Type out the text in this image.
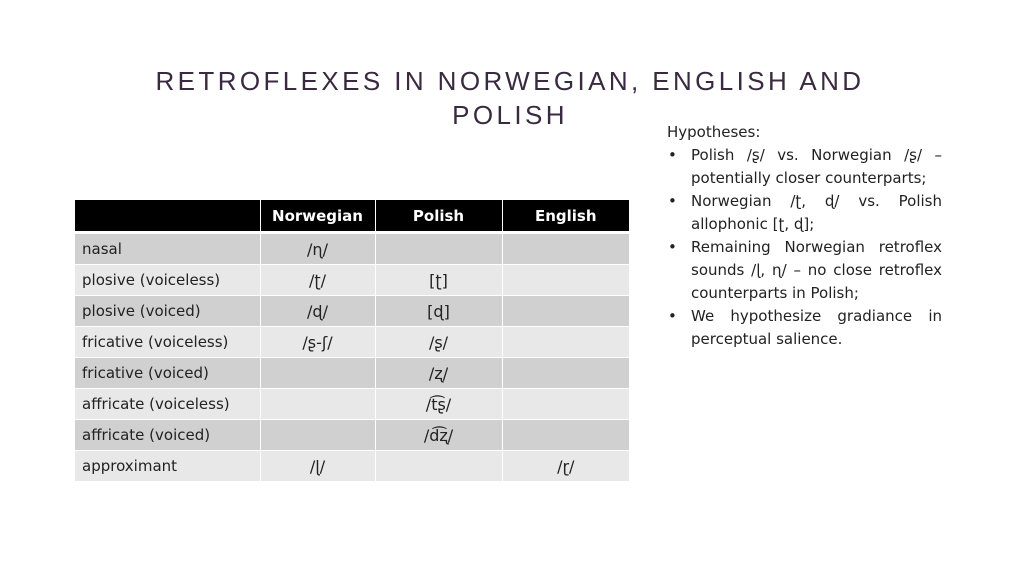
RETROFLEXES IN NORWEGIAN, ENGLISH AND POLISH
	Norwegian	Polish	English
nasal	/ɳ/		
plosive (voiceless)	/ʈ/	[ʈ]	
plosive (voiced)	/ɖ/	[ɖ]	
fricative (voiceless)	/ʂ-ʃ/	/ʂ/	
fricative (voiced)		/ʐ/	
affricate (voiceless)		/t͡ʂ/	
affricate (voiced)		/d͡ʐ/	
approximant	/ɭ/		/ɽ/

Hypotheses:

• Polish /ʂ/ vs. Norwegian /ʂ/ – potentially closer counterparts;
• Norwegian /ʈ, ɖ/ vs. Polish allophonic [ʈ, ɖ];
• Remaining Norwegian retroflex sounds /ɭ, ɳ/ – no close retroflex counterparts in Polish;
• We hypothesize gradiance in perceptual salience.
